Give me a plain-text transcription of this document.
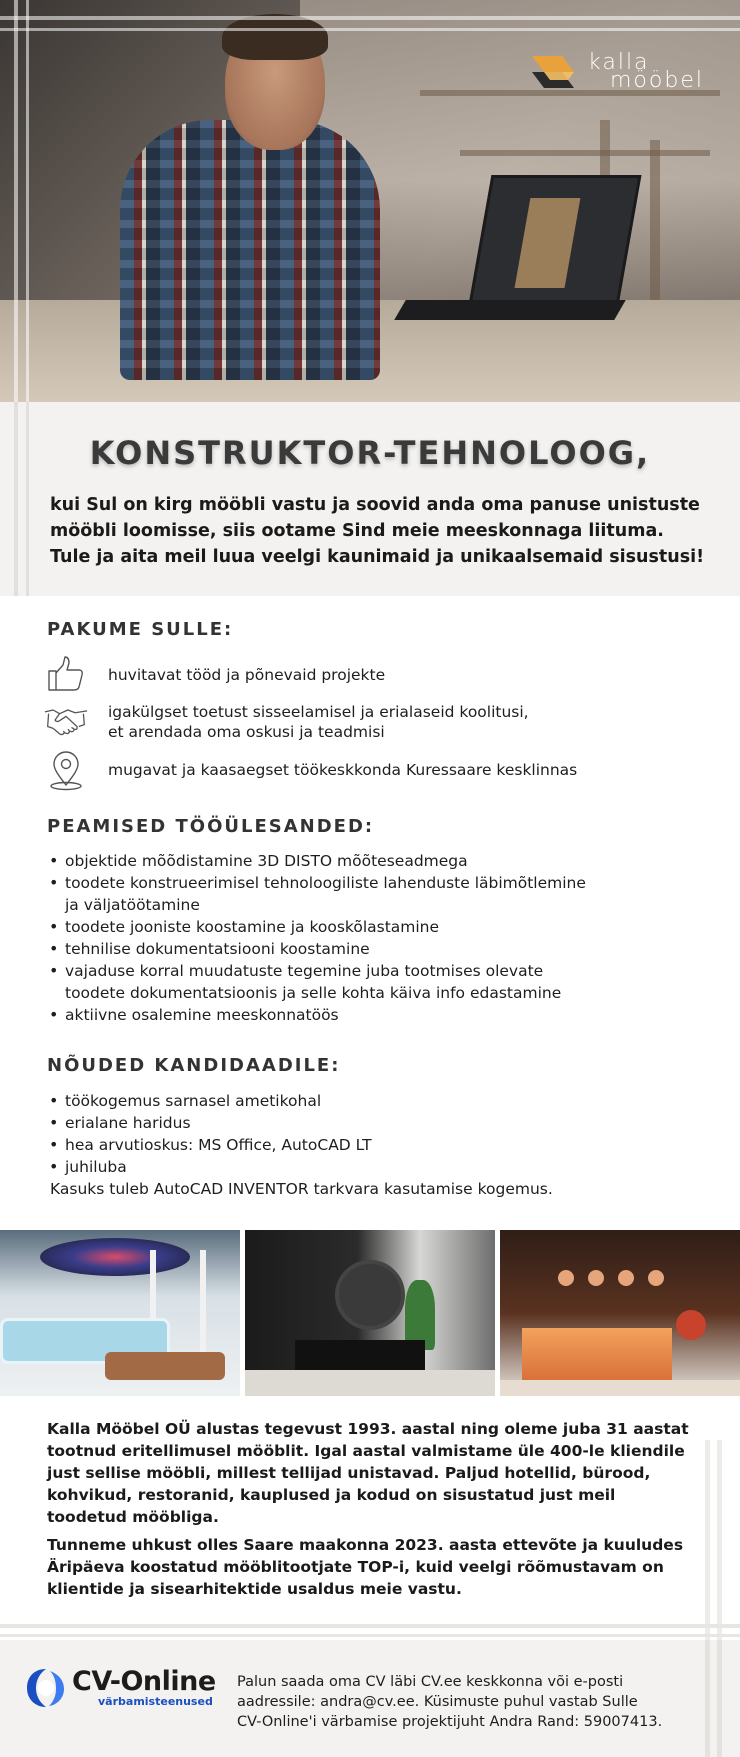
kalla
mööbel
KONSTRUKTOR-TEHNOLOOG,
kui Sul on kirg mööbli vastu ja soovid anda oma panuse unistuste
mööbli loomisse, siis ootame Sind meie meeskonnaga liituma.
Tule ja aita meil luua veelgi kaunimaid ja unikaalsemaid sisustusi!
PAKUME SULLE:
huvitavat tööd ja põnevaid projekte
igakülgset toetust sisseelamisel ja erialaseid koolitusi,
et arendada oma oskusi ja teadmisi
mugavat ja kaasaegset töökeskkonda Kuressaare kesklinnas
PEAMISED TÖÖÜLESANDED:
• objektide mõõdistamine 3D DISTO mõõteseadmega
• toodete konstrueerimisel tehnoloogiliste lahenduste läbimõtlemine
ja väljatöötamine
• toodete jooniste koostamine ja kooskõlastamine
• tehnilise dokumentatsiooni koostamine
• vajaduse korral muudatuste tegemine juba tootmises olevate
toodete dokumentatsioonis ja selle kohta käiva info edastamine
• aktiivne osalemine meeskonnatöös
NÕUDED KANDIDAADILE:
• töökogemus sarnasel ametikohal
• erialane haridus
• hea arvutioskus: MS Office, AutoCAD LT
• juhiluba
Kasuks tuleb AutoCAD INVENTOR tarkvara kasutamise kogemus.

Kalla Mööbel OÜ alustas tegevust 1993. aastal ning oleme juba 31 aastat
tootnud eritellimusel mööblit. Igal aastal valmistame üle 400-le kliendile
just sellise mööbli, millest tellijad unistavad. Paljud hotellid, bürood,
kohvikud, restoranid, kauplused ja kodud on sisustatud just meil
toodetud mööbliga.

Tunneme uhkust olles Saare maakonna 2023. aasta ettevõte ja kuuludes
Äripäeva koostatud mööblitootjate TOP-i, kuid veelgi rõõmustavam on
klientide ja sisearhitektide usaldus meie vastu.

CV-Online
värbamisteenused
Palun saada oma CV läbi CV.ee keskkonna või e-posti
aadressile: andra@cv.ee. Küsimuste puhul vastab Sulle
CV-Online'i värbamise projektijuht Andra Rand: 59007413.
